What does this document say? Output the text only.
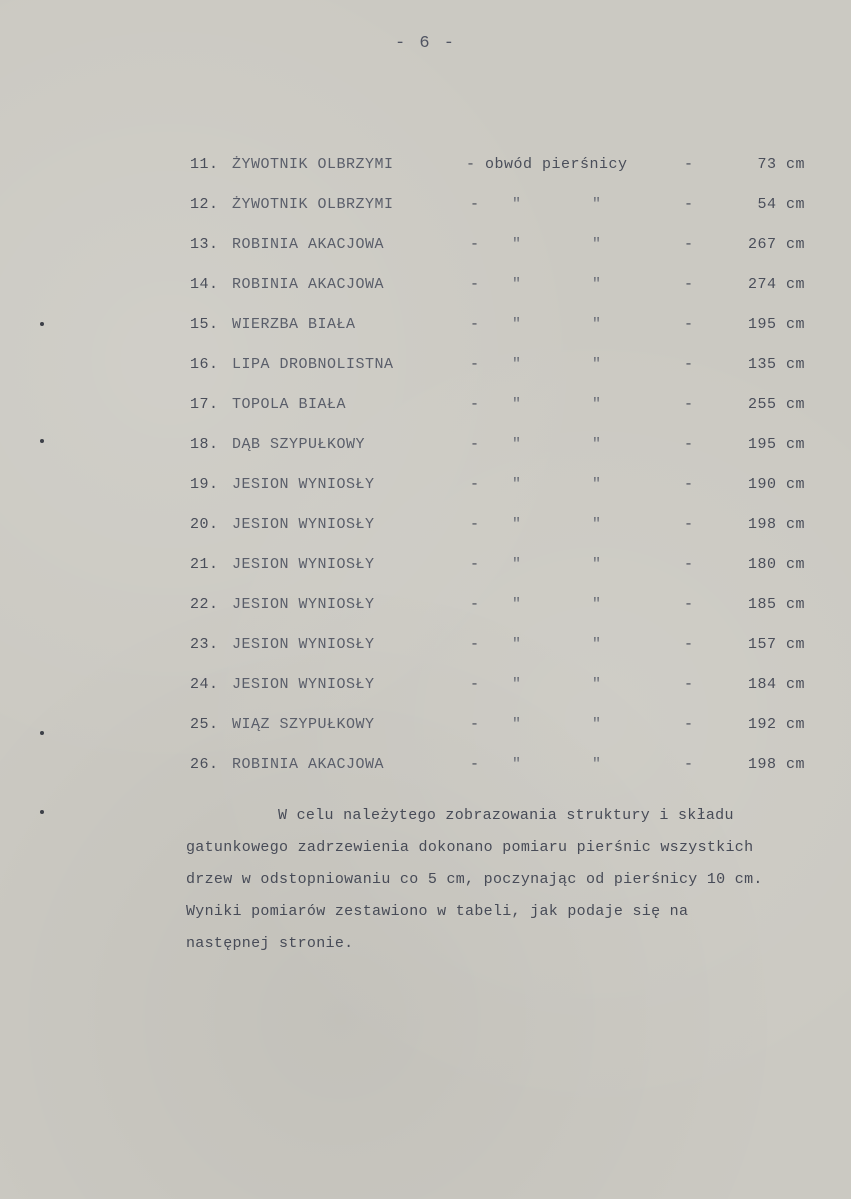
- 6 -
11. ŻYWOTNIK OLBRZYMI	- obwód pierśnicy	-	73 cm
12. ŻYWOTNIK OLBRZYMI	- "	"	-	54 cm
13. ROBINIA AKACJOWA	- "	"	-	267 cm
14. ROBINIA AKACJOWA	- "	"	-	274 cm
15. WIERZBA BIAŁA	- "	"	-	195 cm
16. LIPA DROBNOLISTNA	- "	"	-	135 cm
17. TOPOLA BIAŁA	- "	"	-	255 cm
18. DĄB SZYPUŁKOWY	- "	"	-	195 cm
19. JESION WYNIOSŁY	- "	"	-	190 cm
20. JESION WYNIOSŁY	- "	"	-	198 cm
21. JESION WYNIOSŁY	- "	"	-	180 cm
22. JESION WYNIOSŁY	- "	"	-	185 cm
23. JESION WYNIOSŁY	- "	"	-	157 cm
24. JESION WYNIOSŁY	- "	"	-	184 cm
25. WIĄZ SZYPUŁKOWY	- "	"	-	192 cm
26. ROBINIA AKACJOWA	- "	"	-	198 cm

W celu należytego zobrazowania struktury i składu

gatunkowego zadrzewienia dokonano pomiaru pierśnic wszystkich

drzew w odstopniowaniu co 5 cm, poczynając od pierśnicy 10 cm.

Wyniki pomiarów zestawiono w tabeli, jak podaje się na

następnej stronie.
